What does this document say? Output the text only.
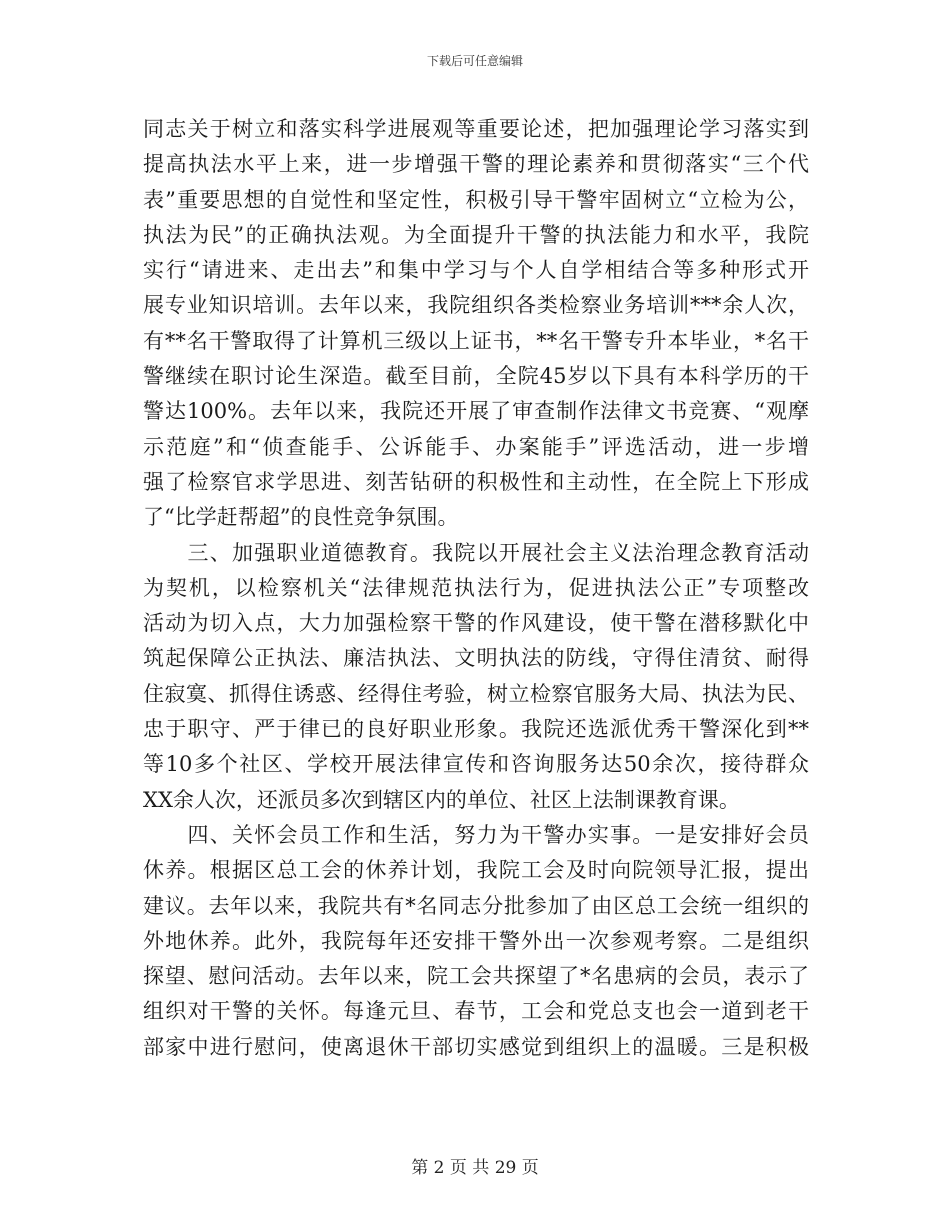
下载后可任意编辑
同志关于树立和落实科学进展观等重要论述，把加强理论学习落实到
提高执法水平上来，进一步增强干警的理论素养和贯彻落实“三个代
表”重要思想的自觉性和坚定性，积极引导干警牢固树立“立检为公，
执法为民”的正确执法观。为全面提升干警的执法能力和水平，我院
实行“请进来、走出去”和集中学习与个人自学相结合等多种形式开
展专业知识培训。去年以来，我院组织各类检察业务培训***余人次，
有**名干警取得了计算机三级以上证书，**名干警专升本毕业，*名干
警继续在职讨论生深造。截至目前，全院45岁以下具有本科学历的干
警达100%。去年以来，我院还开展了审查制作法律文书竞赛、“观摩
示范庭”和“侦查能手、公诉能手、办案能手”评选活动，进一步增
强了检察官求学思进、刻苦钻研的积极性和主动性，在全院上下形成
了“比学赶帮超”的良性竞争氛围。
　　三、加强职业道德教育。我院以开展社会主义法治理念教育活动
为契机，以检察机关“法律规范执法行为，促进执法公正”专项整改
活动为切入点，大力加强检察干警的作风建设，使干警在潜移默化中
筑起保障公正执法、廉洁执法、文明执法的防线，守得住清贫、耐得
住寂寞、抓得住诱惑、经得住考验，树立检察官服务大局、执法为民、
忠于职守、严于律已的良好职业形象。我院还选派优秀干警深化到**
等10多个社区、学校开展法律宣传和咨询服务达50余次，接待群众
XX余人次，还派员多次到辖区内的单位、社区上法制课教育课。
　　四、关怀会员工作和生活，努力为干警办实事。一是安排好会员
休养。根据区总工会的休养计划，我院工会及时向院领导汇报，提出
建议。去年以来，我院共有*名同志分批参加了由区总工会统一组织的
外地休养。此外，我院每年还安排干警外出一次参观考察。二是组织
探望、慰问活动。去年以来，院工会共探望了*名患病的会员，表示了
组织对干警的关怀。每逢元旦、春节，工会和党总支也会一道到老干
部家中进行慰问，使离退休干部切实感觉到组织上的温暖。三是积极
第 2 页 共 29 页
